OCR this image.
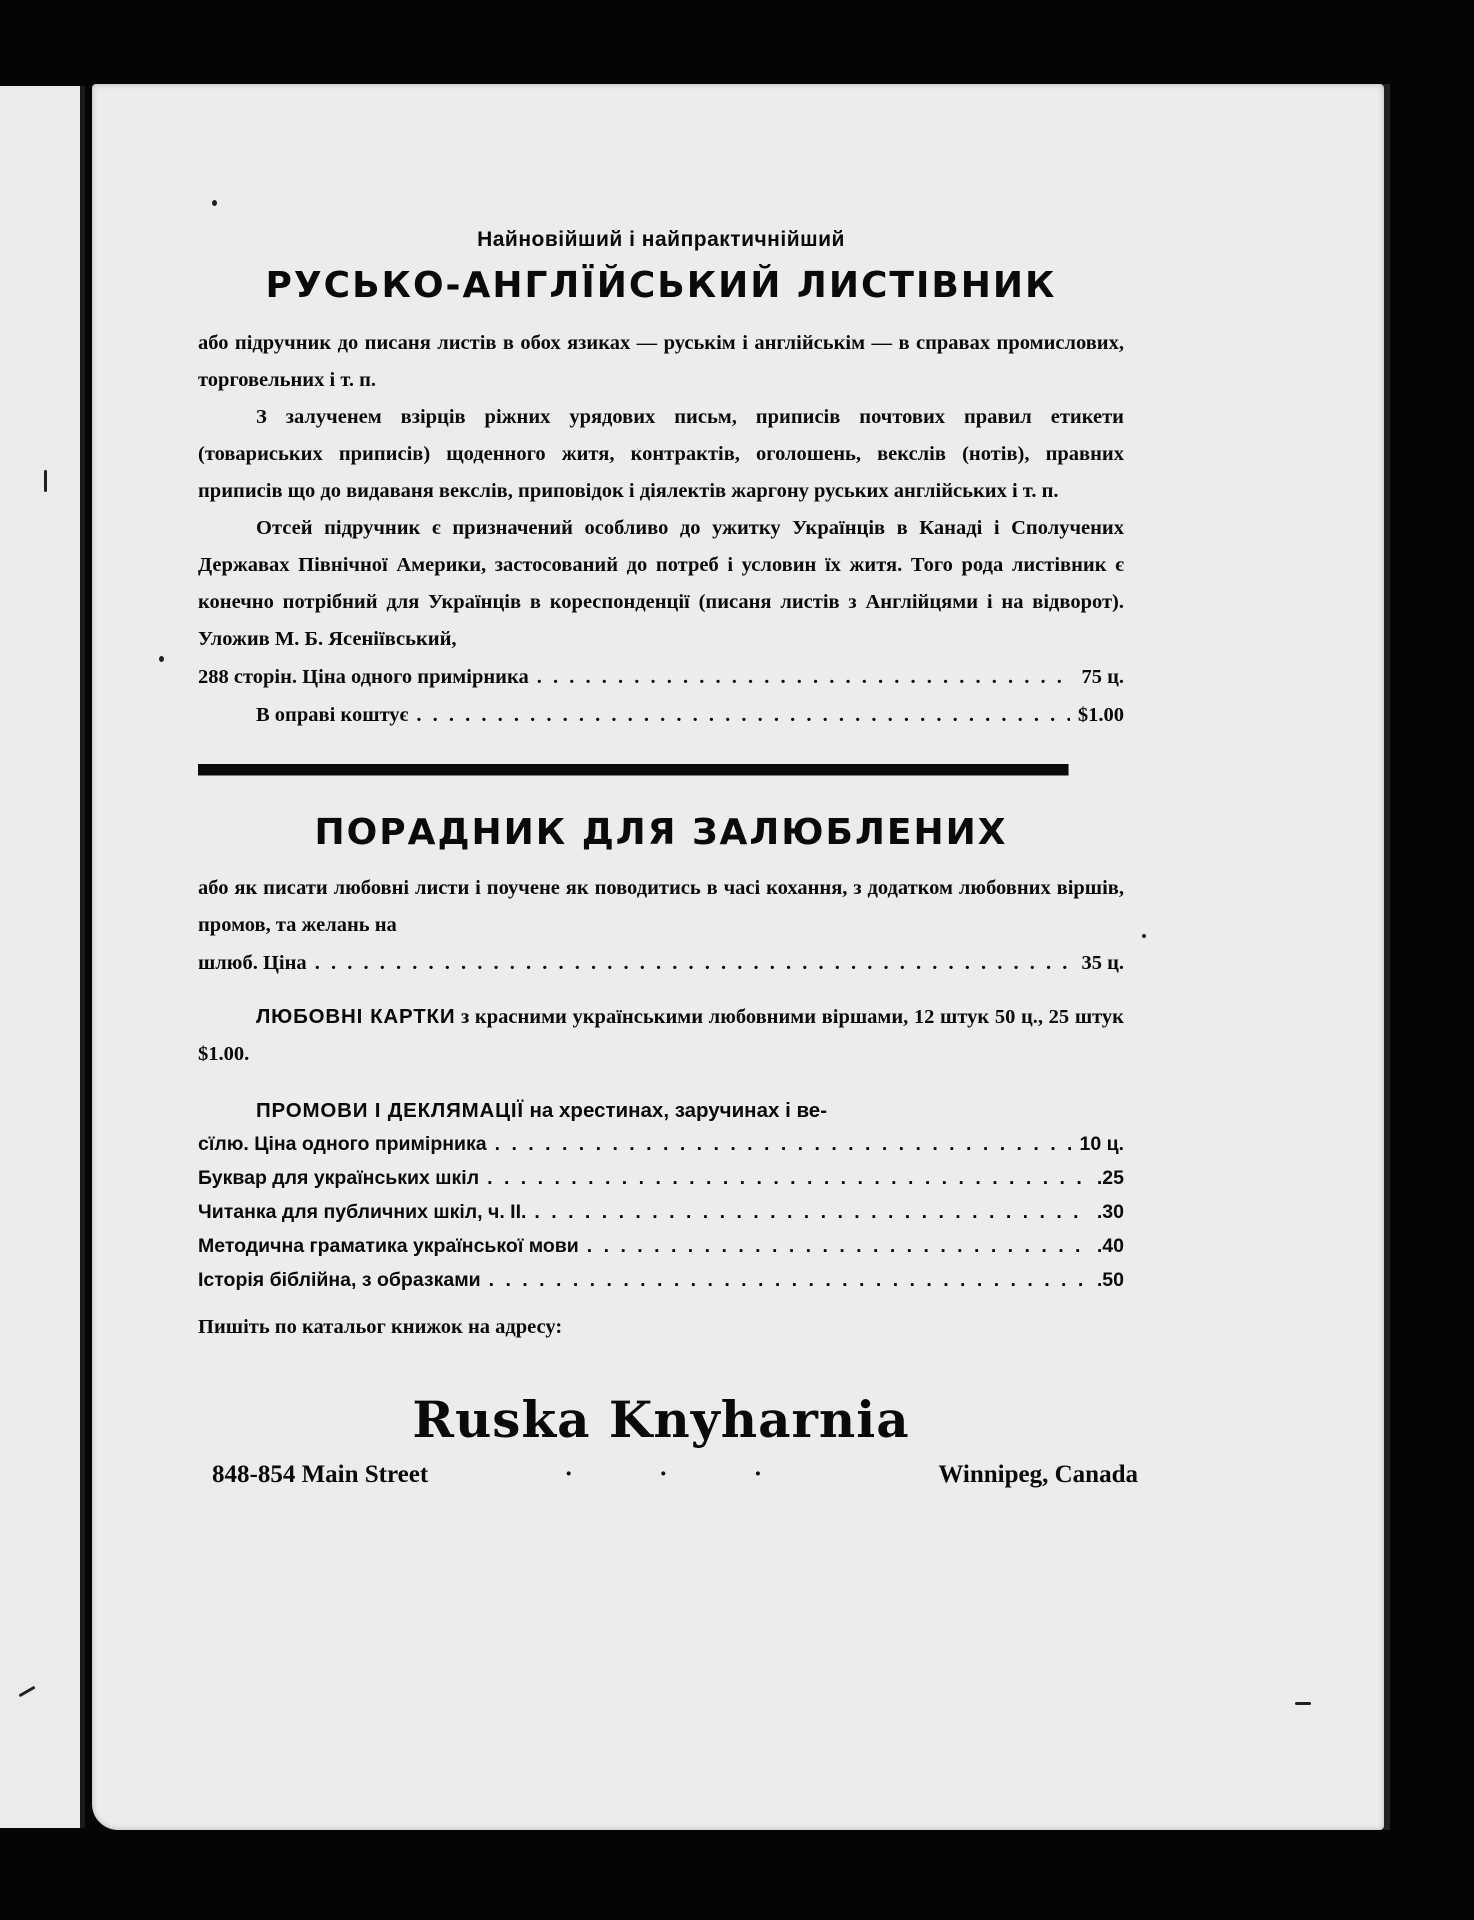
Найновійший і найпрактичнійший
РУСЬКО-АНГЛЇЙСЬКИЙ ЛИСТІВНИК

або підручник до писаня листів в обох язиках — руськім і англійськім — в справах промислових, торговельних і т. п.

З залученем взірців ріжних урядових письм, приписів почтових правил етикети (товариських приписів) щоденного житя, контрактів, оголошень, векслів (нотів), правних приписів що до видаваня векслів, приповідок і діялектів жаргону руських англійських і т. п.

Отсей підручник є призначений особливо до ужитку Українців в Канаді і Сполучених Державах Північної Америки, застосований до потреб і условин їх житя. Того рода листівник є конечно потрібний для Українців в кореспонденції (писаня листів з Англійцями і на відворот). Уложив М. Б. Ясеніївський,

288 сторін. Ціна одного примірника . . .	75 ц.
В оправі коштує . . .	$1.00
▀▀▀▀▀▀▀▀▀▀▀▀▀▀▀▀▀▀▀▀▀▀▀▀▀▀▀▀▀▀▀▀▀▀▀▀▀▀▀▀▀▀▀▀▀▀▀▀▀▀▀▀▀▀▀▀
ПОРАДНИК ДЛЯ ЗАЛЮБЛЕНИХ

або як писати любовні листи і поучене як поводитись в часі кохання, з додатком любовних віршів, промов, та желань на

шлюб. Ціна . . .	35 ц.

ЛЮБОВНІ КАРТКИ з красними українськими любовними віршами, 12 штук 50 ц., 25 штук $1.00.

ПРОМОВИ І ДЕКЛЯМАЦІЇ на хрестинах, заручинах і ве-

сїлю. Ціна одного примірника . . .	10 ц.
Буквар для українських шкіл . . .	.25
Читанка для публичних шкіл, ч. II. . . .	.30
Методична граматика української мови . . .	.40
Історія біблійна, з образками . . .	.50

Пишіть по катальог книжок на адресу:

Ruska Knyharnia
848-854 Main Street	· · ·	Winnipeg, Canada
